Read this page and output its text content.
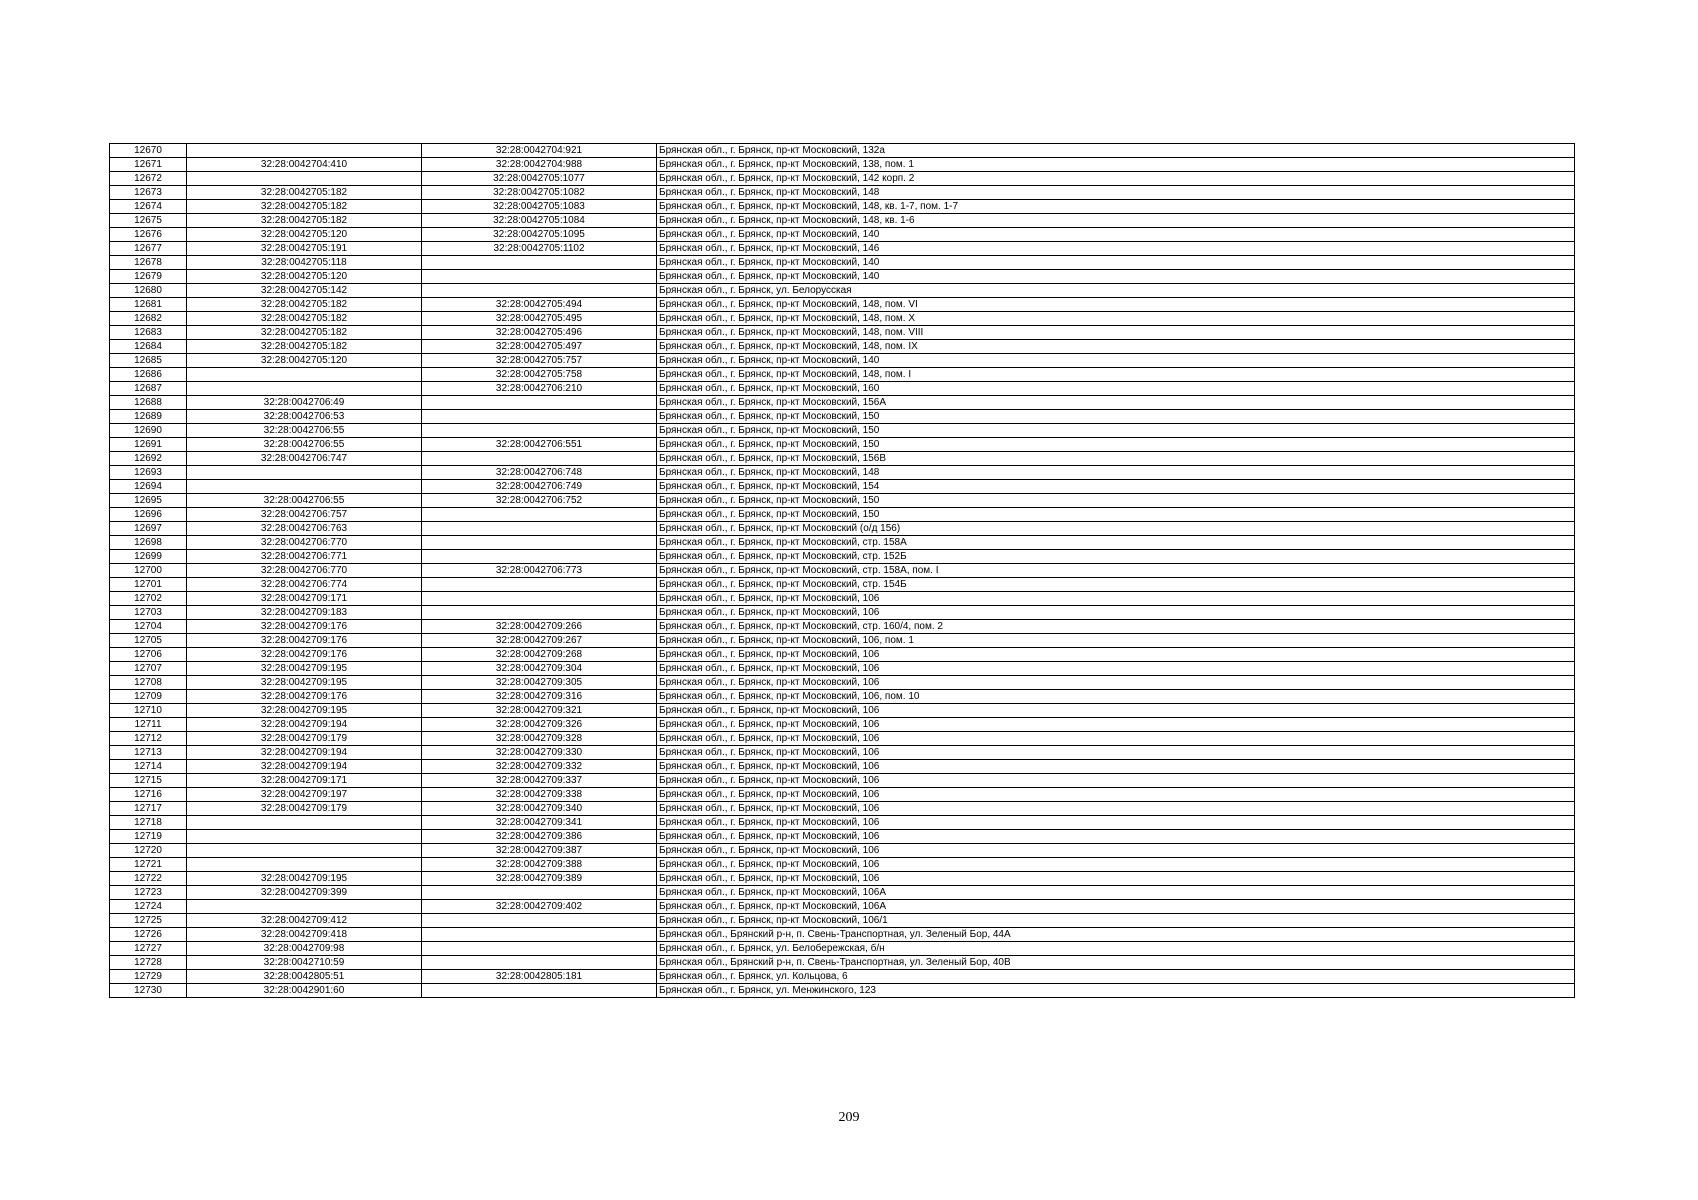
12670		32:28:0042704:921	Брянская обл., г. Брянск, пр-кт Московский, 132а
12671	32:28:0042704:410	32:28:0042704:988	Брянская обл., г. Брянск, пр-кт Московский, 138, пом. 1
12672		32:28:0042705:1077	Брянская обл., г. Брянск, пр-кт Московский, 142 корп. 2
12673	32:28:0042705:182	32:28:0042705:1082	Брянская обл., г. Брянск, пр-кт Московский, 148
12674	32:28:0042705:182	32:28:0042705:1083	Брянская обл., г. Брянск, пр-кт Московский, 148, кв. 1-7, пом. 1-7
12675	32:28:0042705:182	32:28:0042705:1084	Брянская обл., г. Брянск, пр-кт Московский, 148, кв. 1-6
12676	32:28:0042705:120	32:28:0042705:1095	Брянская обл., г. Брянск, пр-кт Московский, 140
12677	32:28:0042705:191	32:28:0042705:1102	Брянская обл., г. Брянск, пр-кт Московский, 146
12678	32:28:0042705:118		Брянская обл., г. Брянск, пр-кт Московский, 140
12679	32:28:0042705:120		Брянская обл., г. Брянск, пр-кт Московский, 140
12680	32:28:0042705:142		Брянская обл., г. Брянск, ул. Белорусская
12681	32:28:0042705:182	32:28:0042705:494	Брянская обл., г. Брянск, пр-кт Московский, 148, пом. VI
12682	32:28:0042705:182	32:28:0042705:495	Брянская обл., г. Брянск, пр-кт Московский, 148, пом. X
12683	32:28:0042705:182	32:28:0042705:496	Брянская обл., г. Брянск, пр-кт Московский, 148, пом. VIII
12684	32:28:0042705:182	32:28:0042705:497	Брянская обл., г. Брянск, пр-кт Московский, 148, пом. IX
12685	32:28:0042705:120	32:28:0042705:757	Брянская обл., г. Брянск, пр-кт Московский, 140
12686		32:28:0042705:758	Брянская обл., г. Брянск, пр-кт Московский, 148, пом. I
12687		32:28:0042706:210	Брянская обл., г. Брянск, пр-кт Московский, 160
12688	32:28:0042706:49		Брянская обл., г. Брянск, пр-кт Московский, 156А
12689	32:28:0042706:53		Брянская обл., г. Брянск, пр-кт Московский, 150
12690	32:28:0042706:55		Брянская обл., г. Брянск, пр-кт Московский, 150
12691	32:28:0042706:55	32:28:0042706:551	Брянская обл., г. Брянск, пр-кт Московский, 150
12692	32:28:0042706:747		Брянская обл., г. Брянск, пр-кт Московский, 156В
12693		32:28:0042706:748	Брянская обл., г. Брянск, пр-кт Московский, 148
12694		32:28:0042706:749	Брянская обл., г. Брянск, пр-кт Московский, 154
12695	32:28:0042706:55	32:28:0042706:752	Брянская обл., г. Брянск, пр-кт Московский, 150
12696	32:28:0042706:757		Брянская обл., г. Брянск, пр-кт Московский, 150
12697	32:28:0042706:763		Брянская обл., г. Брянск, пр-кт Московский (о/д 156)
12698	32:28:0042706:770		Брянская обл., г. Брянск, пр-кт Московский, стр. 158А
12699	32:28:0042706:771		Брянская обл., г. Брянск, пр-кт Московский, стр. 152Б
12700	32:28:0042706:770	32:28:0042706:773	Брянская обл., г. Брянск, пр-кт Московский, стр. 158А, пом. I
12701	32:28:0042706:774		Брянская обл., г. Брянск, пр-кт Московский, стр. 154Б
12702	32:28:0042709:171		Брянская обл., г. Брянск, пр-кт Московский, 106
12703	32:28:0042709:183		Брянская обл., г. Брянск, пр-кт Московский, 106
12704	32:28:0042709:176	32:28:0042709:266	Брянская обл., г. Брянск, пр-кт Московский, стр. 160/4, пом. 2
12705	32:28:0042709:176	32:28:0042709:267	Брянская обл., г. Брянск, пр-кт Московский, 106, пом. 1
12706	32:28:0042709:176	32:28:0042709:268	Брянская обл., г. Брянск, пр-кт Московский, 106
12707	32:28:0042709:195	32:28:0042709:304	Брянская обл., г. Брянск, пр-кт Московский, 106
12708	32:28:0042709:195	32:28:0042709:305	Брянская обл., г. Брянск, пр-кт Московский, 106
12709	32:28:0042709:176	32:28:0042709:316	Брянская обл., г. Брянск, пр-кт Московский, 106, пом. 10
12710	32:28:0042709:195	32:28:0042709:321	Брянская обл., г. Брянск, пр-кт Московский, 106
12711	32:28:0042709:194	32:28:0042709:326	Брянская обл., г. Брянск, пр-кт Московский, 106
12712	32:28:0042709:179	32:28:0042709:328	Брянская обл., г. Брянск, пр-кт Московский, 106
12713	32:28:0042709:194	32:28:0042709:330	Брянская обл., г. Брянск, пр-кт Московский, 106
12714	32:28:0042709:194	32:28:0042709:332	Брянская обл., г. Брянск, пр-кт Московский, 106
12715	32:28:0042709:171	32:28:0042709:337	Брянская обл., г. Брянск, пр-кт Московский, 106
12716	32:28:0042709:197	32:28:0042709:338	Брянская обл., г. Брянск, пр-кт Московский, 106
12717	32:28:0042709:179	32:28:0042709:340	Брянская обл., г. Брянск, пр-кт Московский, 106
12718		32:28:0042709:341	Брянская обл., г. Брянск, пр-кт Московский, 106
12719		32:28:0042709:386	Брянская обл., г. Брянск, пр-кт Московский, 106
12720		32:28:0042709:387	Брянская обл., г. Брянск, пр-кт Московский, 106
12721		32:28:0042709:388	Брянская обл., г. Брянск, пр-кт Московский, 106
12722	32:28:0042709:195	32:28:0042709:389	Брянская обл., г. Брянск, пр-кт Московский, 106
12723	32:28:0042709:399		Брянская обл., г. Брянск, пр-кт Московский, 106А
12724		32:28:0042709:402	Брянская обл., г. Брянск, пр-кт Московский, 106А
12725	32:28:0042709:412		Брянская обл., г. Брянск, пр-кт Московский, 106/1
12726	32:28:0042709:418		Брянская обл., Брянский р-н, п. Свень-Транспортная, ул. Зеленый Бор, 44А
12727	32:28:0042709:98		Брянская обл., г. Брянск, ул. Белобережская, б/н
12728	32:28:0042710:59		Брянская обл., Брянский р-н, п. Свень-Транспортная, ул. Зеленый Бор, 40В
12729	32:28:0042805:51	32:28:0042805:181	Брянская обл., г. Брянск, ул. Кольцова, 6
12730	32:28:0042901:60		Брянская обл., г. Брянск, ул. Менжинского, 123
209
